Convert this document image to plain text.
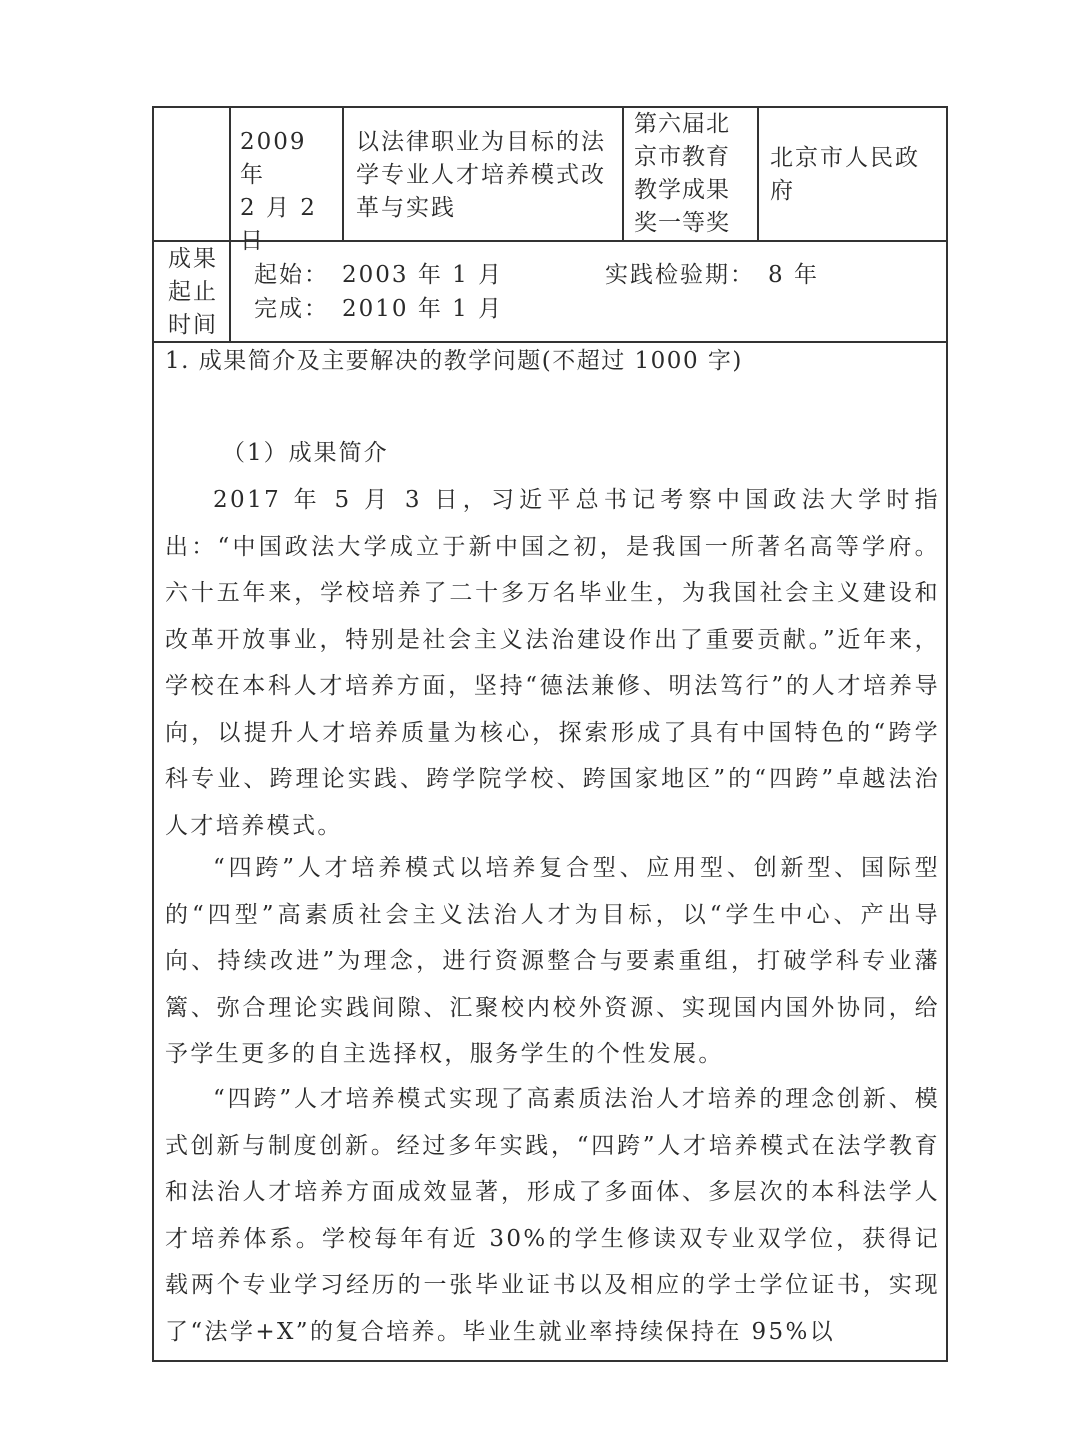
2009 年
2 月 2
日
以法律职业为目标的法
学专业人才培养模式改
革与实践
第六届北
京市教育
教学成果
奖一等奖
北京市人民政
府
成果
起止
时间
起始： 2003 年 1 月
完成： 2010 年 1 月
实践检验期： 8 年
1. 成果简介及主要解决的教学问题(不超过 1000 字)
（1）成果简介
2017 年 5 月 3 日，习近平总书记考察中国政法大学时指出：“中国政法大学成立于新中国之初，是我国一所著名高等学府。六十五年来，学校培养了二十多万名毕业生，为我国社会主义建设和改革开放事业，特别是社会主义法治建设作出了重要贡献。”近年来，学校在本科人才培养方面，坚持“德法兼修、明法笃行”的人才培养导向，以提升人才培养质量为核心，探索形成了具有中国特色的“跨学科专业、跨理论实践、跨学院学校、跨国家地区”的“四跨”卓越法治人才培养模式。
“四跨”人才培养模式以培养复合型、应用型、创新型、国际型的“四型”高素质社会主义法治人才为目标，以“学生中心、产出导向、持续改进”为理念，进行资源整合与要素重组，打破学科专业藩篱、弥合理论实践间隙、汇聚校内校外资源、实现国内国外协同，给予学生更多的自主选择权，服务学生的个性发展。
“四跨”人才培养模式实现了高素质法治人才培养的理念创新、模式创新与制度创新。经过多年实践，“四跨”人才培养模式在法学教育和法治人才培养方面成效显著，形成了多面体、多层次的本科法学人才培养体系。学校每年有近 30%的学生修读双专业双学位，获得记载两个专业学习经历的一张毕业证书以及相应的学士学位证书，实现了“法学+X”的复合培养。毕业生就业率持续保持在 95%以
